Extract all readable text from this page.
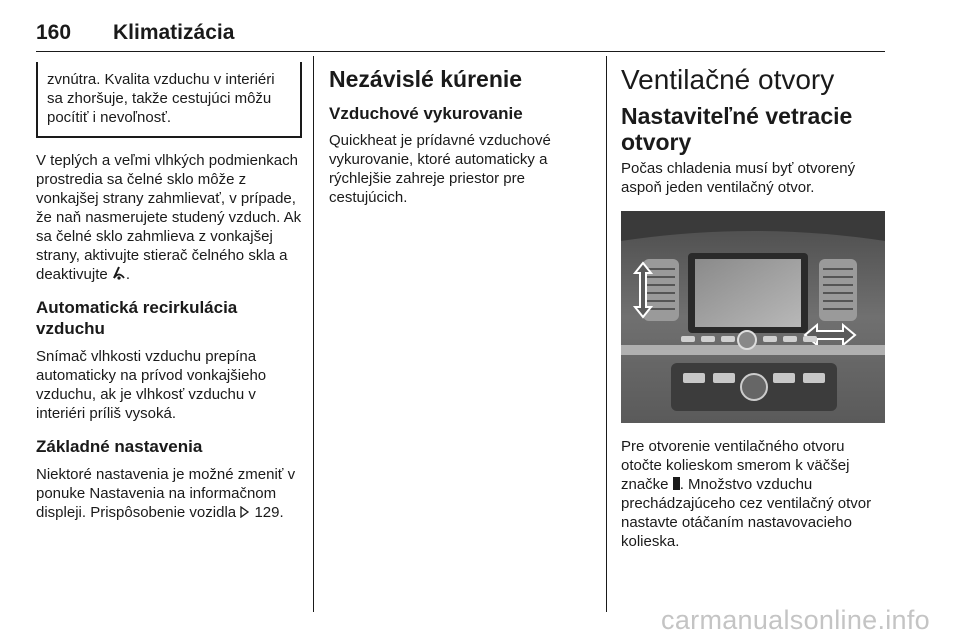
160 Klimatizácia

zvnútra. Kvalita vzduchu v interiéri sa zhoršuje, takže cestujúci môžu pocítiť i nevoľnosť.

V teplých a veľmi vlhkých podmienkach prostredia sa čelné sklo môže z vonkajšej strany zahmlievať, v prípade, že naň nasmerujete studený vzduch. Ak sa čelné sklo zahmlieva z vonkajšej strany, aktivujte stierač čelného skla a deaktivujte .

Automatická recirkulácia vzduchu

Snímač vlhkosti vzduchu prepína automaticky na prívod vonkajšieho vzduchu, ak je vlhkosť vzduchu v interiéri príliš vysoká.

Základné nastavenia

Niektoré nastavenia je možné zmeniť v ponuke Nastavenia na informačnom displeji. Prispôsobenie vozidla 129.

Nezávislé kúrenie
Vzduchové vykurovanie

Quickheat je prídavné vzduchové vykurovanie, ktoré automaticky a rýchlejšie zahreje priestor pre cestujúcich.

Ventilačné otvory
Nastaviteľné vetracie otvory

Počas chladenia musí byť otvorený aspoň jeden ventilačný otvor.

Pre otvorenie ventilačného otvoru otočte kolieskom smerom k väčšej značke . Množstvo vzduchu prechádzajúceho cez ventilačný otvor nastavte otáčaním nastavovacieho kolieska.

carmanualsonline.info
